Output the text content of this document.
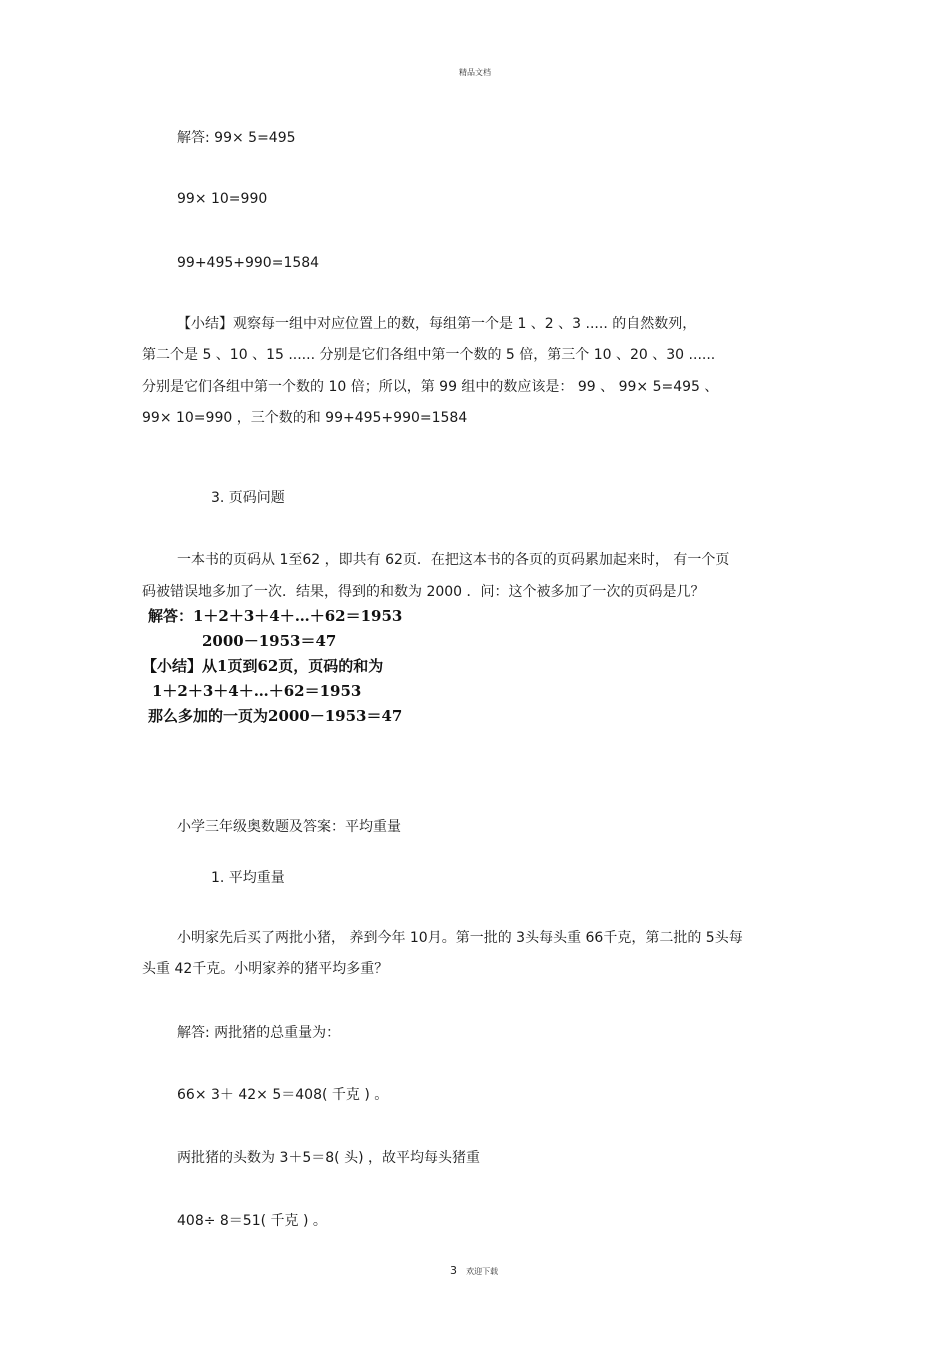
精品文档
解答: 99× 5=495
99× 10=990
99+495+990=1584
【小结】观察每一组中对应位置上的数，每组第一个是 1 、2 、3 ..... 的自然数列，
第二个是 5 、10 、15 ...... 分别是它们各组中第一个数的 5 倍，第三个 10 、20 、30 ......
分别是它们各组中第一个数的 10 倍；所以，第 99 组中的数应该是： 99 、 99× 5=495 、
99× 10=990 ，三个数的和 99+495+990=1584
3. 页码问题
一本书的页码从 1至62 ，即共有 62页．在把这本书的各页的页码累加起来时， 有一个页
码被错误地多加了一次．结果，得到的和数为 2000 ．问：这个被多加了一次的页码是几？
解答：1＋2＋3＋4＋…＋62＝1953
2000－1953＝47
【小结】从1页到62页，页码的和为
1＋2＋3＋4＋…＋62＝1953
那么多加的一页为2000－1953＝47
小学三年级奥数题及答案：平均重量
1. 平均重量
小明家先后买了两批小猪， 养到今年 10月。第一批的 3头每头重 66千克，第二批的 5头每
头重 42千克。小明家养的猪平均多重？
解答: 两批猪的总重量为：
66× 3＋ 42× 5＝408( 千克 ) 。
两批猪的头数为 3＋5＝8( 头) ，故平均每头猪重
408÷ 8＝51( 千克 ) 。
3 欢迎下载
